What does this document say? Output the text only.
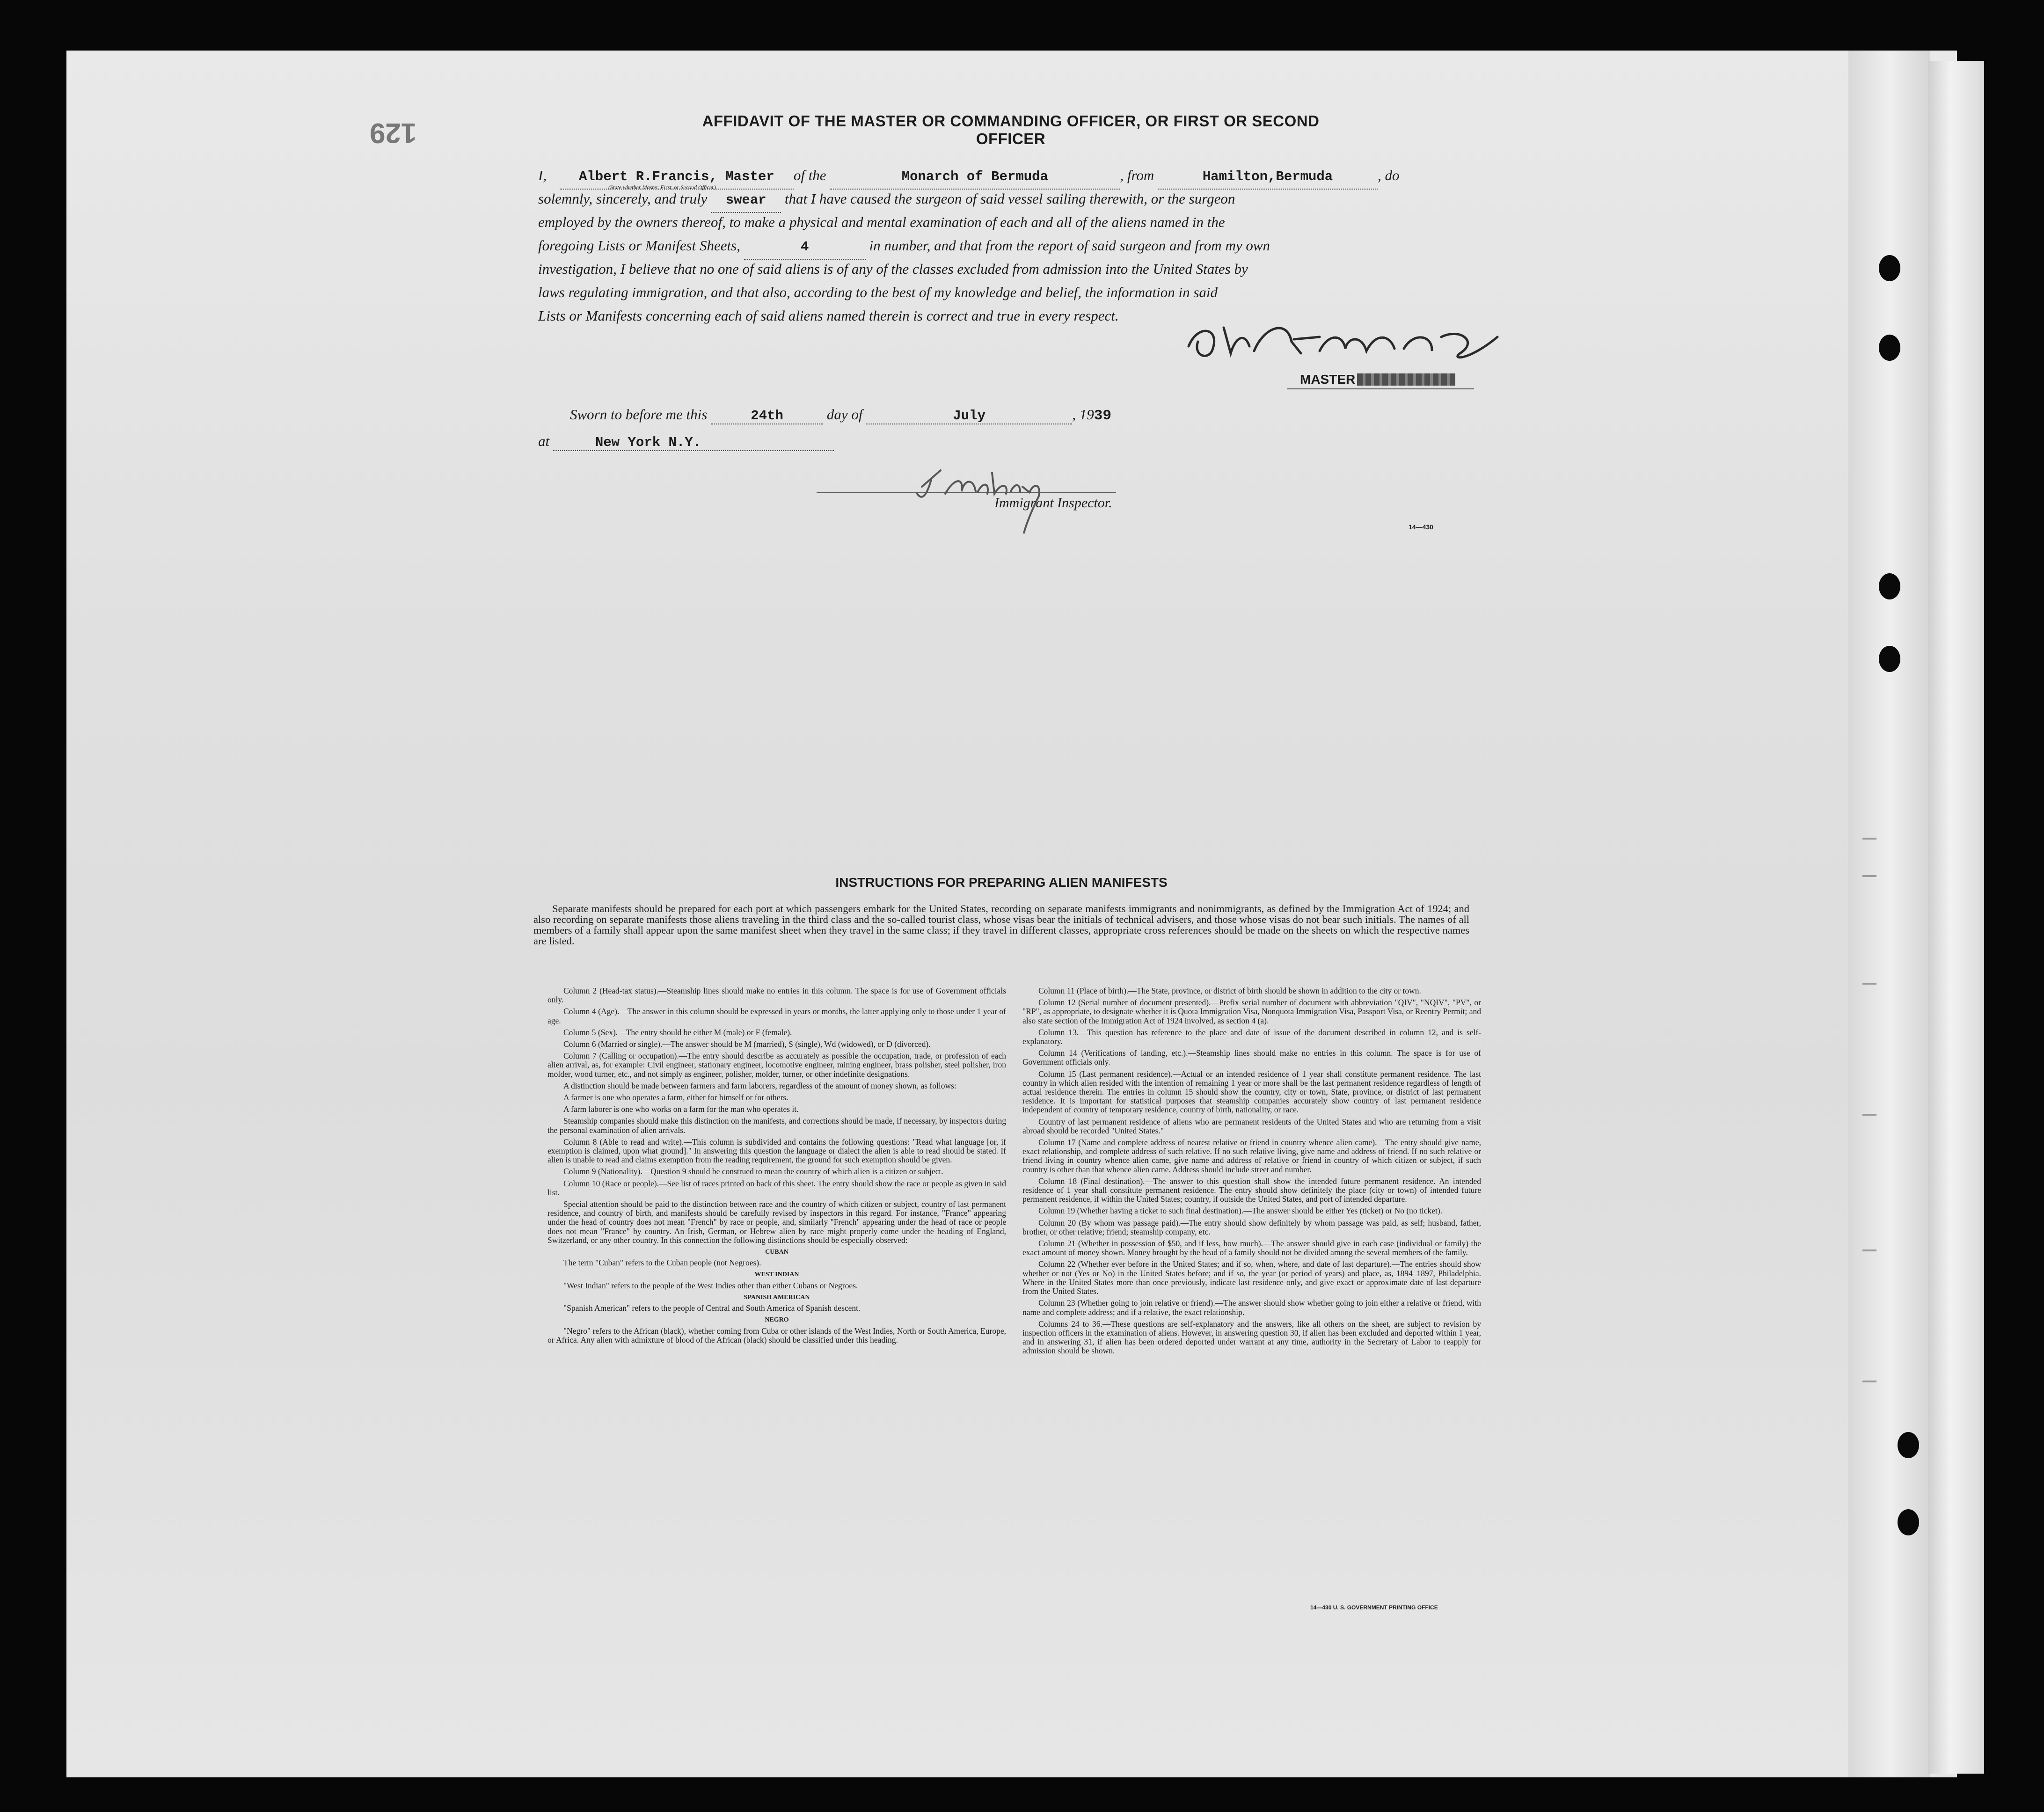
129	AFFIDAVIT OF THE MASTER OR COMMANDING OFFICER, OR FIRST OR SECOND OFFICER
I, Albert R.Francis, Master of the	Monarch of Bermuda	, from	Hamilton,Bermuda	, do
solemnly, sincerely, and truly swear that I have caused the surgeon of said vessel sailing therewith, or the surgeon
employed by the owners thereof, to make a physical and mental examination of each and all of the aliens named in the
foregoing Lists or Manifest Sheets,	4	in number, and that from the report of said surgeon and from my own
investigation, I believe that no one of said aliens is of any of the classes excluded from admission into the United States by
laws regulating immigration, and that also, according to the best of my knowledge and belief, the information in said
Lists or Manifests concerning each of said aliens named therein is correct and true in every respect.
(State whether Master, First, or Second Officer)
MASTER
Sworn to before me this	24th	day of	July	, 1939
at	New York N.Y.
Immigrant Inspector.
14—430
INSTRUCTIONS FOR PREPARING ALIEN MANIFESTS
Separate manifests should be prepared for each port at which passengers embark for the United States, recording on separate manifests immigrants and nonimmigrants, as defined by the Immigration Act of 1924; and also recording on separate manifests those aliens traveling in the third class and the so-called tourist class, whose visas bear the initials of technical advisers, and those whose visas do not bear such initials. The names of all members of a family shall appear upon the same manifest sheet when they travel in the same class; if they travel in different classes, appropriate cross references should be made on the sheets on which the respective names are listed.

Column 2 (Head-tax status).—Steamship lines should make no entries in this column. The space is for use of Government officials only.

Column 4 (Age).—The answer in this column should be expressed in years or months, the latter applying only to those under 1 year of age.

Column 5 (Sex).—The entry should be either M (male) or F (female).

Column 6 (Married or single).—The answer should be M (married), S (single), Wd (widowed), or D (divorced).

Column 7 (Calling or occupation).—The entry should describe as accurately as possible the occupation, trade, or profession of each alien arrival, as, for example: Civil engineer, stationary engineer, locomotive engineer, mining engineer, brass polisher, steel polisher, iron molder, wood turner, etc., and not simply as engineer, polisher, molder, turner, or other indefinite designations.

A distinction should be made between farmers and farm laborers, regardless of the amount of money shown, as follows:

A farmer is one who operates a farm, either for himself or for others.

A farm laborer is one who works on a farm for the man who operates it.

Steamship companies should make this distinction on the manifests, and corrections should be made, if necessary, by inspectors during the personal examination of alien arrivals.

Column 8 (Able to read and write).—This column is subdivided and contains the following questions: "Read what language [or, if exemption is claimed, upon what ground]." In answering this question the language or dialect the alien is able to read should be stated. If alien is unable to read and claims exemption from the reading requirement, the ground for such exemption should be given.

Column 9 (Nationality).—Question 9 should be construed to mean the country of which alien is a citizen or subject.

Column 10 (Race or people).—See list of races printed on back of this sheet. The entry should show the race or people as given in said list.

Special attention should be paid to the distinction between race and the country of which citizen or subject, country of last permanent residence, and country of birth, and manifests should be carefully revised by inspectors in this regard. For instance, "France" appearing under the head of country does not mean "French" by race or people, and, similarly "French" appearing under the head of race or people does not mean "France" by country. An Irish, German, or Hebrew alien by race might properly come under the heading of England, Switzerland, or any other country. In this connection the following distinctions should be especially observed:

CUBAN

The term "Cuban" refers to the Cuban people (not Negroes).

WEST INDIAN

"West Indian" refers to the people of the West Indies other than either Cubans or Negroes.

SPANISH AMERICAN

"Spanish American" refers to the people of Central and South America of Spanish descent.

NEGRO

"Negro" refers to the African (black), whether coming from Cuba or other islands of the West Indies, North or South America, Europe, or Africa. Any alien with admixture of blood of the African (black) should be classified under this heading.

Column 11 (Place of birth).—The State, province, or district of birth should be shown in addition to the city or town.

Column 12 (Serial number of document presented).—Prefix serial number of document with abbreviation "QIV", "NQIV", "PV", or "RP", as appropriate, to designate whether it is Quota Immigration Visa, Nonquota Immigration Visa, Passport Visa, or Reentry Permit; and also state section of the Immigration Act of 1924 involved, as section 4 (a).

Column 13.—This question has reference to the place and date of issue of the document described in column 12, and is self-explanatory.

Column 14 (Verifications of landing, etc.).—Steamship lines should make no entries in this column. The space is for use of Government officials only.

Column 15 (Last permanent residence).—Actual or an intended residence of 1 year shall constitute permanent residence. The last country in which alien resided with the intention of remaining 1 year or more shall be the last permanent residence regardless of length of actual residence therein. The entries in column 15 should show the country, city or town, State, province, or district of last permanent residence. It is important for statistical purposes that steamship companies accurately show country of last permanent residence independent of country of temporary residence, country of birth, nationality, or race.

Country of last permanent residence of aliens who are permanent residents of the United States and who are returning from a visit abroad should be recorded "United States."

Column 17 (Name and complete address of nearest relative or friend in country whence alien came).—The entry should give name, exact relationship, and complete address of such relative. If no such relative living, give name and address of friend. If no such relative or friend living in country whence alien came, give name and address of relative or friend in country of which citizen or subject, if such country is other than that whence alien came. Address should include street and number.

Column 18 (Final destination).—The answer to this question shall show the intended future permanent residence. An intended residence of 1 year shall constitute permanent residence. The entry should show definitely the place (city or town) of intended future permanent residence, if within the United States; country, if outside the United States, and port of intended departure.

Column 19 (Whether having a ticket to such final destination).—The answer should be either Yes (ticket) or No (no ticket).

Column 20 (By whom was passage paid).—The entry should show definitely by whom passage was paid, as self; husband, father, brother, or other relative; friend; steamship company, etc.

Column 21 (Whether in possession of $50, and if less, how much).—The answer should give in each case (individual or family) the exact amount of money shown. Money brought by the head of a family should not be divided among the several members of the family.

Column 22 (Whether ever before in the United States; and if so, when, where, and date of last departure).—The entries should show whether or not (Yes or No) in the United States before; and if so, the year (or period of years) and place, as, 1894–1897, Philadelphia. Where in the United States more than once previously, indicate last residence only, and give exact or approximate date of last departure from the United States.

Column 23 (Whether going to join relative or friend).—The answer should show whether going to join either a relative or friend, with name and complete address; and if a relative, the exact relationship.

Columns 24 to 36.—These questions are self-explanatory and the answers, like all others on the sheet, are subject to revision by inspection officers in the examination of aliens. However, in answering question 30, if alien has been excluded and deported within 1 year, and in answering 31, if alien has been ordered deported under warrant at any time, authority in the Secretary of Labor to reapply for admission should be shown.

14—430 U. S. GOVERNMENT PRINTING OFFICE
